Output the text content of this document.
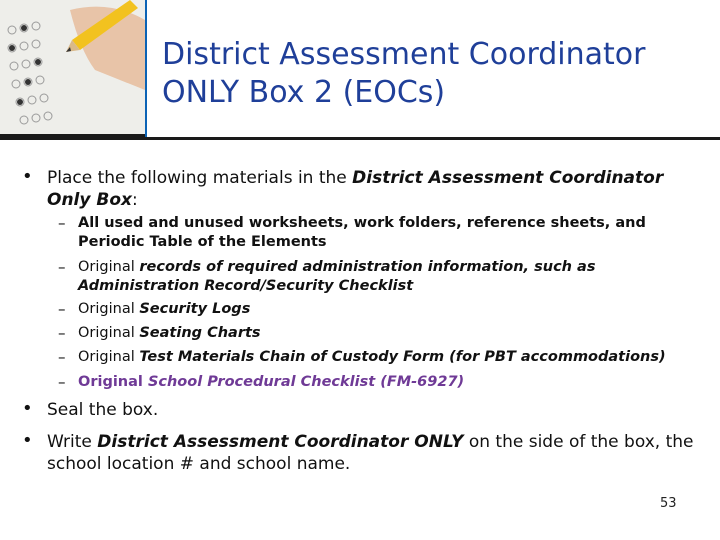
District Assessment Coordinator
ONLY Box 2 (EOCs)
• Place the following materials in the District Assessment Coordinator Only Box:
– All used and unused worksheets, work folders, reference sheets, and Periodic Table of the Elements
– Original records of required administration information, such as Administration Record/Security Checklist
– Original Security Logs
– Original Seating Charts
– Original Test Materials Chain of Custody Form (for PBT accommodations)
– Original School Procedural Checklist (FM-6927)
• Seal the box.
• Write District Assessment Coordinator ONLY on the side of the box, the school location # and school name.
53
